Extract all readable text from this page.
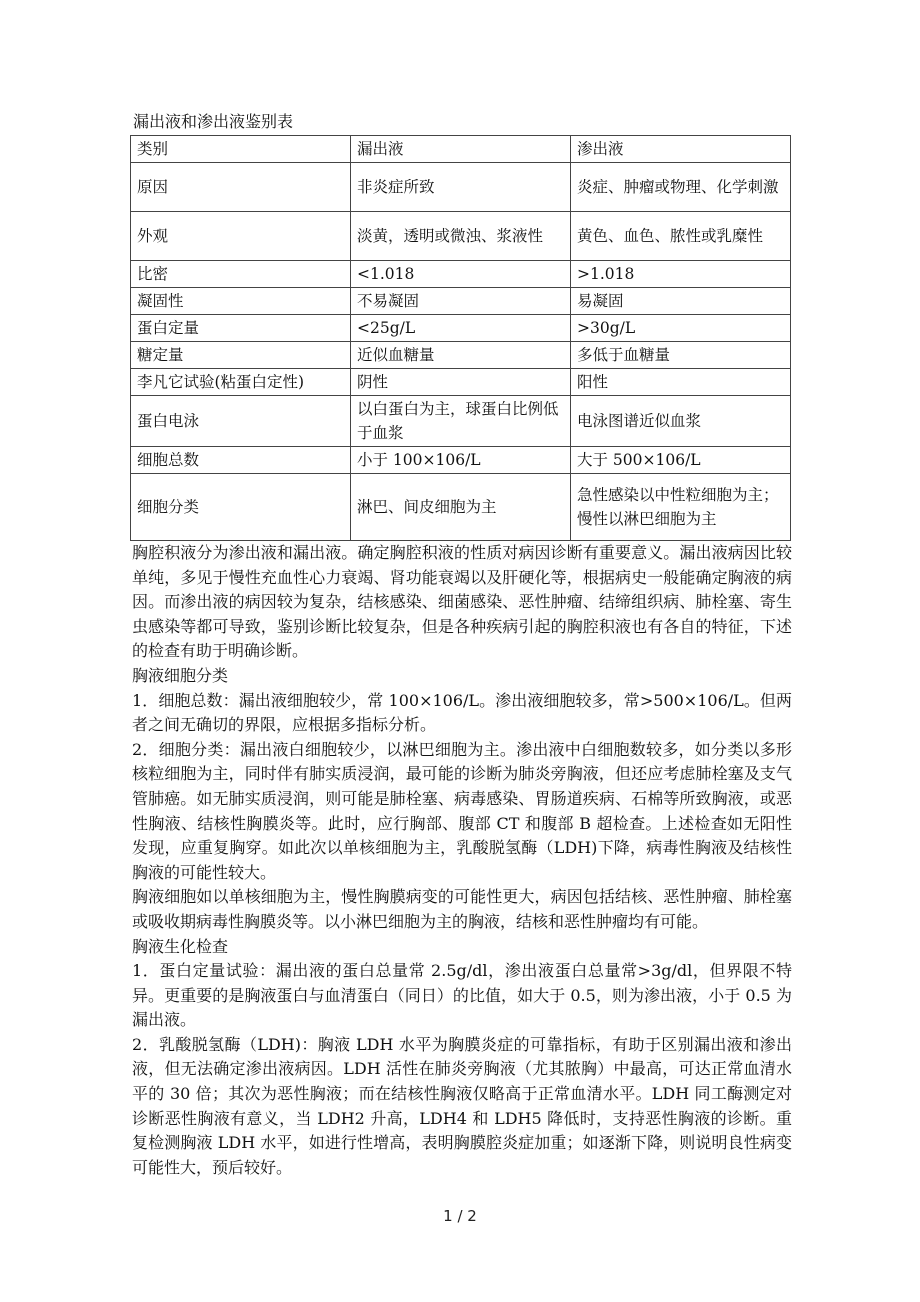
漏出液和渗出液鉴别表
类别	漏出液	渗出液
原因	非炎症所致	炎症、肿瘤或物理、化学刺激
外观	淡黄，透明或微浊、浆液性	黄色、血色、脓性或乳糜性
比密	<1.018	>1.018
凝固性	不易凝固	易凝固
蛋白定量	<25g/L	>30g/L
糖定量	近似血糖量	多低于血糖量
李凡它试验(粘蛋白定性)	阴性	阳性
蛋白电泳	以白蛋白为主，球蛋白比例低于血浆	电泳图谱近似血浆
细胞总数	小于 100×106/L	大于 500×106/L
细胞分类	淋巴、间皮细胞为主	急性感染以中性粒细胞为主；慢性以淋巴细胞为主

胸腔积液分为渗出液和漏出液。确定胸腔积液的性质对病因诊断有重要意义。漏出液病因比较单纯，多见于慢性充血性心力衰竭、肾功能衰竭以及肝硬化等，根据病史一般能确定胸液的病因。而渗出液的病因较为复杂，结核感染、细菌感染、恶性肿瘤、结缔组织病、肺栓塞、寄生虫感染等都可导致，鉴别诊断比较复杂，但是各种疾病引起的胸腔积液也有各自的特征，下述的检查有助于明确诊断。

胸液细胞分类

1．细胞总数：漏出液细胞较少，常 100×106/L。渗出液细胞较多，常>500×106/L。但两者之间无确切的界限，应根据多指标分析。

2．细胞分类：漏出液白细胞较少，以淋巴细胞为主。渗出液中白细胞数较多，如分类以多形核粒细胞为主，同时伴有肺实质浸润，最可能的诊断为肺炎旁胸液，但还应考虑肺栓塞及支气管肺癌。如无肺实质浸润，则可能是肺栓塞、病毒感染、胃肠道疾病、石棉等所致胸液，或恶性胸液、结核性胸膜炎等。此时，应行胸部、腹部 CT 和腹部 B 超检查。上述检查如无阳性发现，应重复胸穿。如此次以单核细胞为主，乳酸脱氢酶（LDH)下降，病毒性胸液及结核性胸液的可能性较大。

胸液细胞如以单核细胞为主，慢性胸膜病变的可能性更大，病因包括结核、恶性肿瘤、肺栓塞或吸收期病毒性胸膜炎等。以小淋巴细胞为主的胸液，结核和恶性肿瘤均有可能。

胸液生化检查

1．蛋白定量试验：漏出液的蛋白总量常 2.5g/dl，渗出液蛋白总量常>3g/dl，但界限不特异。更重要的是胸液蛋白与血清蛋白（同日）的比值，如大于 0.5，则为渗出液，小于 0.5 为漏出液。

2．乳酸脱氢酶（LDH)：胸液 LDH 水平为胸膜炎症的可靠指标，有助于区别漏出液和渗出液，但无法确定渗出液病因。LDH 活性在肺炎旁胸液（尤其脓胸）中最高，可达正常血清水平的 30 倍；其次为恶性胸液；而在结核性胸液仅略高于正常血清水平。LDH 同工酶测定对诊断恶性胸液有意义，当 LDH2 升高，LDH4 和 LDH5 降低时，支持恶性胸液的诊断。重复检测胸液 LDH 水平，如进行性增高，表明胸膜腔炎症加重；如逐渐下降，则说明良性病变可能性大，预后较好。

1 / 2
